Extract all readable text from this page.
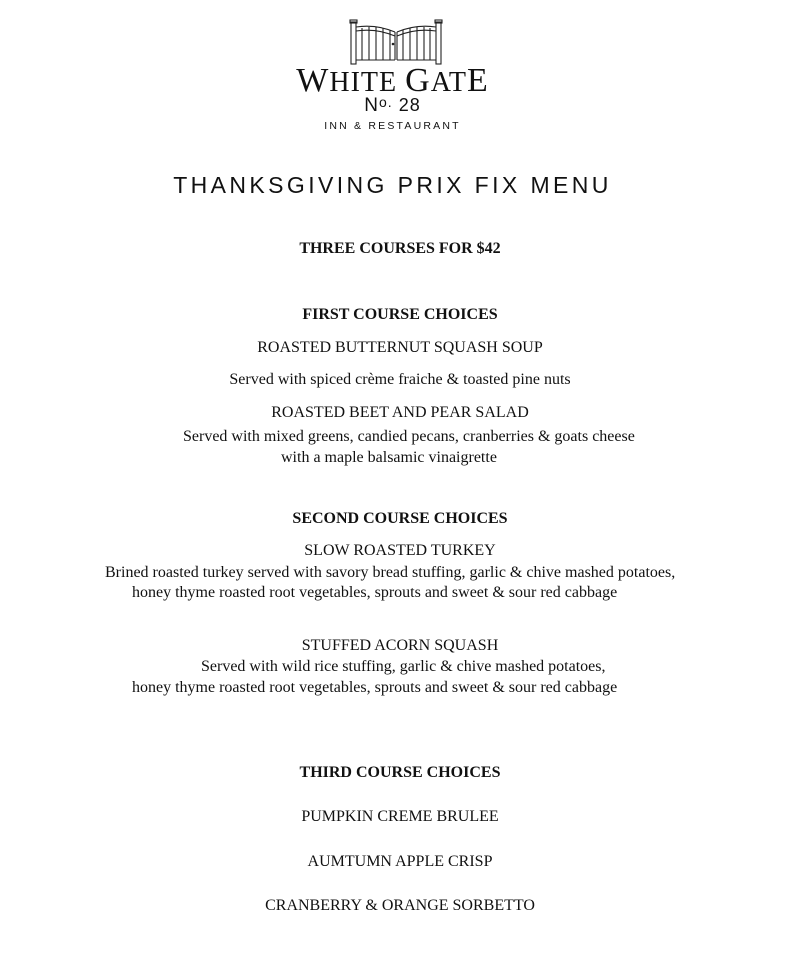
WHITE GATE
$N^{o.}$ 28
INN & RESTAURANT
THANKSGIVING PRIX FIX MENU
THREE COURSES FOR $42
FIRST COURSE CHOICES
ROASTED BUTTERNUT SQUASH SOUP
Served with spiced crème fraiche & toasted pine nuts
ROASTED BEET AND PEAR SALAD
Served with mixed greens, candied pecans, cranberries & goats cheese
with a maple balsamic vinaigrette
SECOND COURSE CHOICES
SLOW ROASTED TURKEY
Brined roasted turkey served with savory bread stuffing, garlic & chive mashed potatoes,
honey thyme roasted root vegetables, sprouts and sweet & sour red cabbage
STUFFED ACORN SQUASH
Served with wild rice stuffing, garlic & chive mashed potatoes,
honey thyme roasted root vegetables, sprouts and sweet & sour red cabbage
THIRD COURSE CHOICES
PUMPKIN CREME BRULEE
AUMTUMN APPLE CRISP
CRANBERRY & ORANGE SORBETTO
